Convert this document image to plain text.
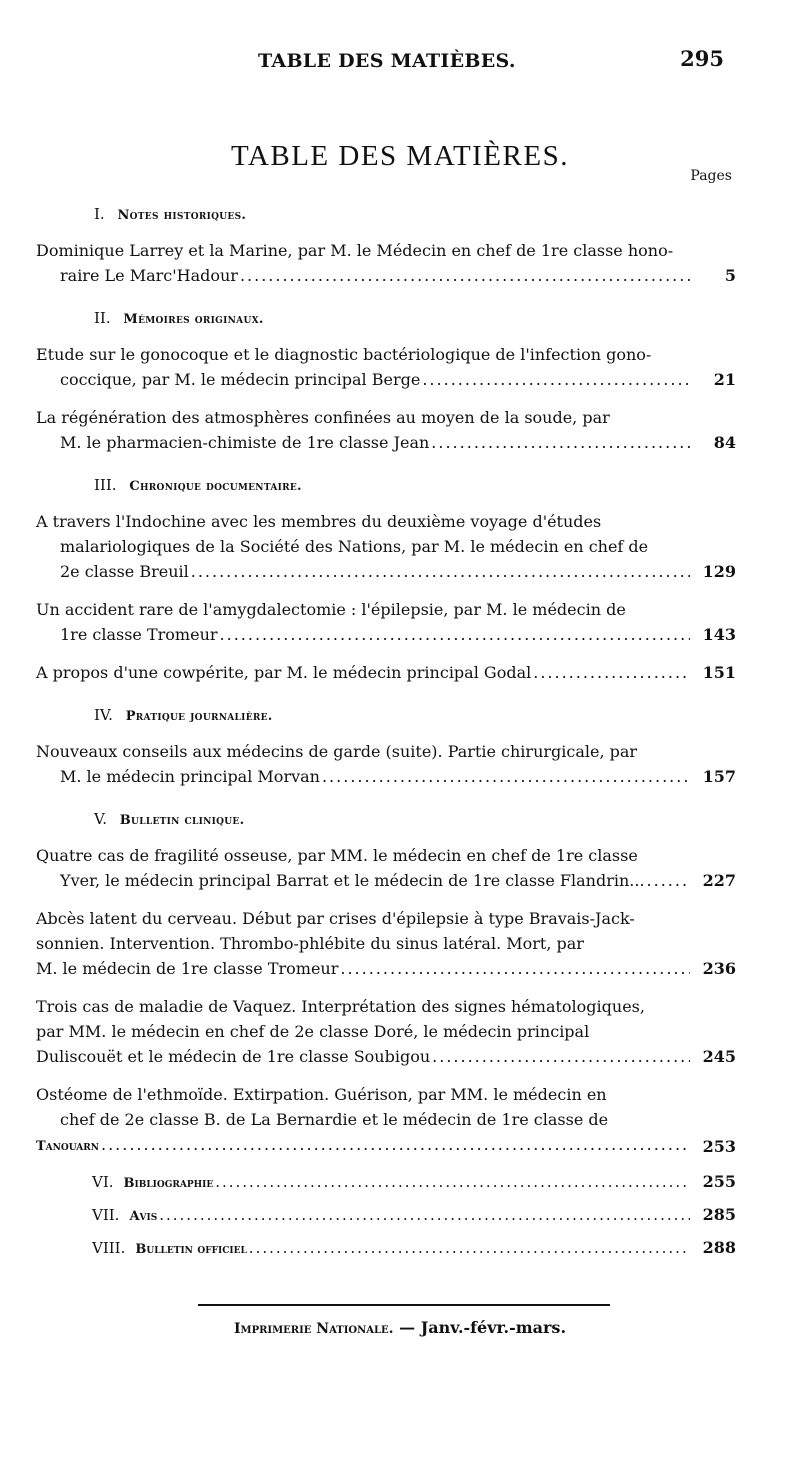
TABLE DES MATIÈBES.	295
TABLE DES MATIÈRES.
Pages
I. Notes historiques.
Dominique Larrey et la Marine, par M. le Médecin en chef de 1re classe hono-
raire Le Marc'Hadour .....	5
II. Mémoires originaux.
Etude sur le gonocoque et le diagnostic bactériologique de l'infection gono-
coccique, par M. le médecin principal Berge .....	21
La régénération des atmosphères confinées au moyen de la soude, par
M. le pharmacien-chimiste de 1re classe Jean .....	84
III. Chronique documentaire.
A travers l'Indochine avec les membres du deuxième voyage d'études
malariologiques de la Société des Nations, par M. le médecin en chef de
2e classe Breuil .....	129
Un accident rare de l'amygdalectomie : l'épilepsie, par M. le médecin de
1re classe Tromeur .....	143
A propos d'une cowpérite, par M. le médecin principal Godal .....	151
IV. Pratique journalière.
Nouveaux conseils aux médecins de garde (suite). Partie chirurgicale, par
M. le médecin principal Morvan .....	157
V. Bulletin clinique.
Quatre cas de fragilité osseuse, par MM. le médecin en chef de 1re classe
Yver, le médecin principal Barrat et le médecin de 1re classe Flandrin... .....	227
Abcès latent du cerveau. Début par crises d'épilepsie à type Bravais-Jack-
sonnien. Intervention. Thrombo-phlébite du sinus latéral. Mort, par
M. le médecin de 1re classe Tromeur .....	236
Trois cas de maladie de Vaquez. Interprétation des signes hématologiques,
par MM. le médecin en chef de 2e classe Doré, le médecin principal
Duliscouët et le médecin de 1re classe Soubigou .....	245
Ostéome de l'ethmoïde. Extirpation. Guérison, par MM. le médecin en
chef de 2e classe B. de La Bernardie et le médecin de 1re classe de
Tanouarn .....	253
VI. Bibliographie .....	255
VII. Avis .....	285
VIII. Bulletin officiel .....	288
Imprimerie Nationale. — Janv.-févr.-mars.
